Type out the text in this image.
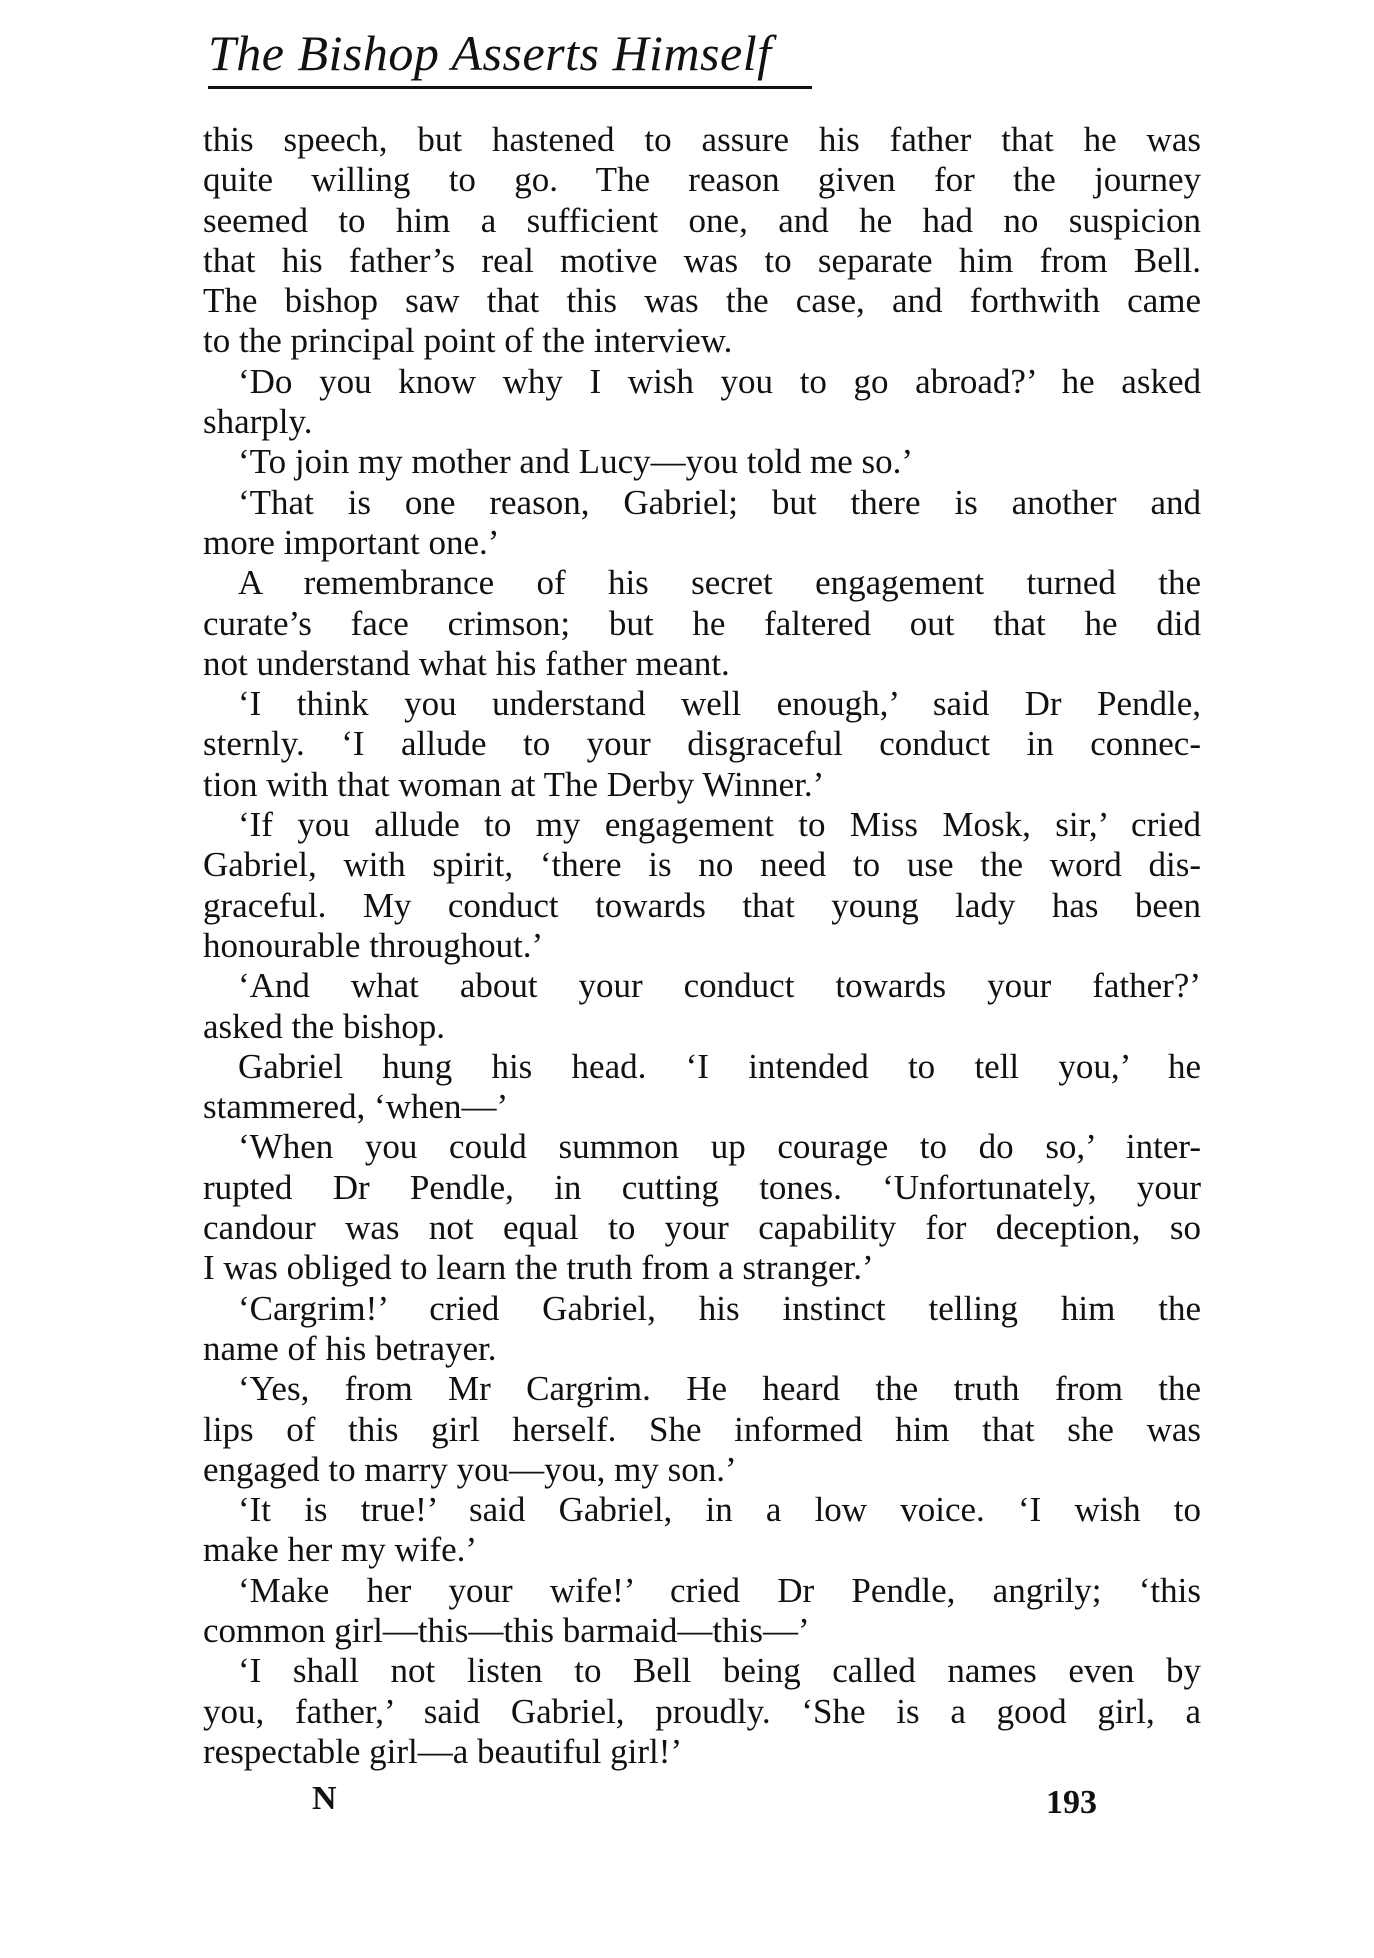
The Bishop Asserts Himself
this speech, but hastened to assure his father that he was
quite willing to go. The reason given for the journey
seemed to him a sufficient one, and he had no suspicion
that his father’s real motive was to separate him from Bell.
The bishop saw that this was the case, and forthwith came
to the principal point of the interview.
‘Do you know why I wish you to go abroad?’ he asked
sharply.
‘To join my mother and Lucy—you told me so.’
‘That is one reason, Gabriel; but there is another and
more important one.’
A remembrance of his secret engagement turned the
curate’s face crimson; but he faltered out that he did
not understand what his father meant.
‘I think you understand well enough,’ said Dr Pendle,
sternly. ‘I allude to your disgraceful conduct in connec-
tion with that woman at The Derby Winner.’
‘If you allude to my engagement to Miss Mosk, sir,’ cried
Gabriel, with spirit, ‘there is no need to use the word dis-
graceful. My conduct towards that young lady has been
honourable throughout.’
‘And what about your conduct towards your father?’
asked the bishop.
Gabriel hung his head. ‘I intended to tell you,’ he
stammered, ‘when—’
‘When you could summon up courage to do so,’ inter-
rupted Dr Pendle, in cutting tones. ‘Unfortunately, your
candour was not equal to your capability for deception, so
I was obliged to learn the truth from a stranger.’
‘Cargrim!’ cried Gabriel, his instinct telling him the
name of his betrayer.
‘Yes, from Mr Cargrim. He heard the truth from the
lips of this girl herself. She informed him that she was
engaged to marry you—you, my son.’
‘It is true!’ said Gabriel, in a low voice. ‘I wish to
make her my wife.’
‘Make her your wife!’ cried Dr Pendle, angrily; ‘this
common girl—this—this barmaid—this—’
‘I shall not listen to Bell being called names even by
you, father,’ said Gabriel, proudly. ‘She is a good girl, a
respectable girl—a beautiful girl!’
N	193
